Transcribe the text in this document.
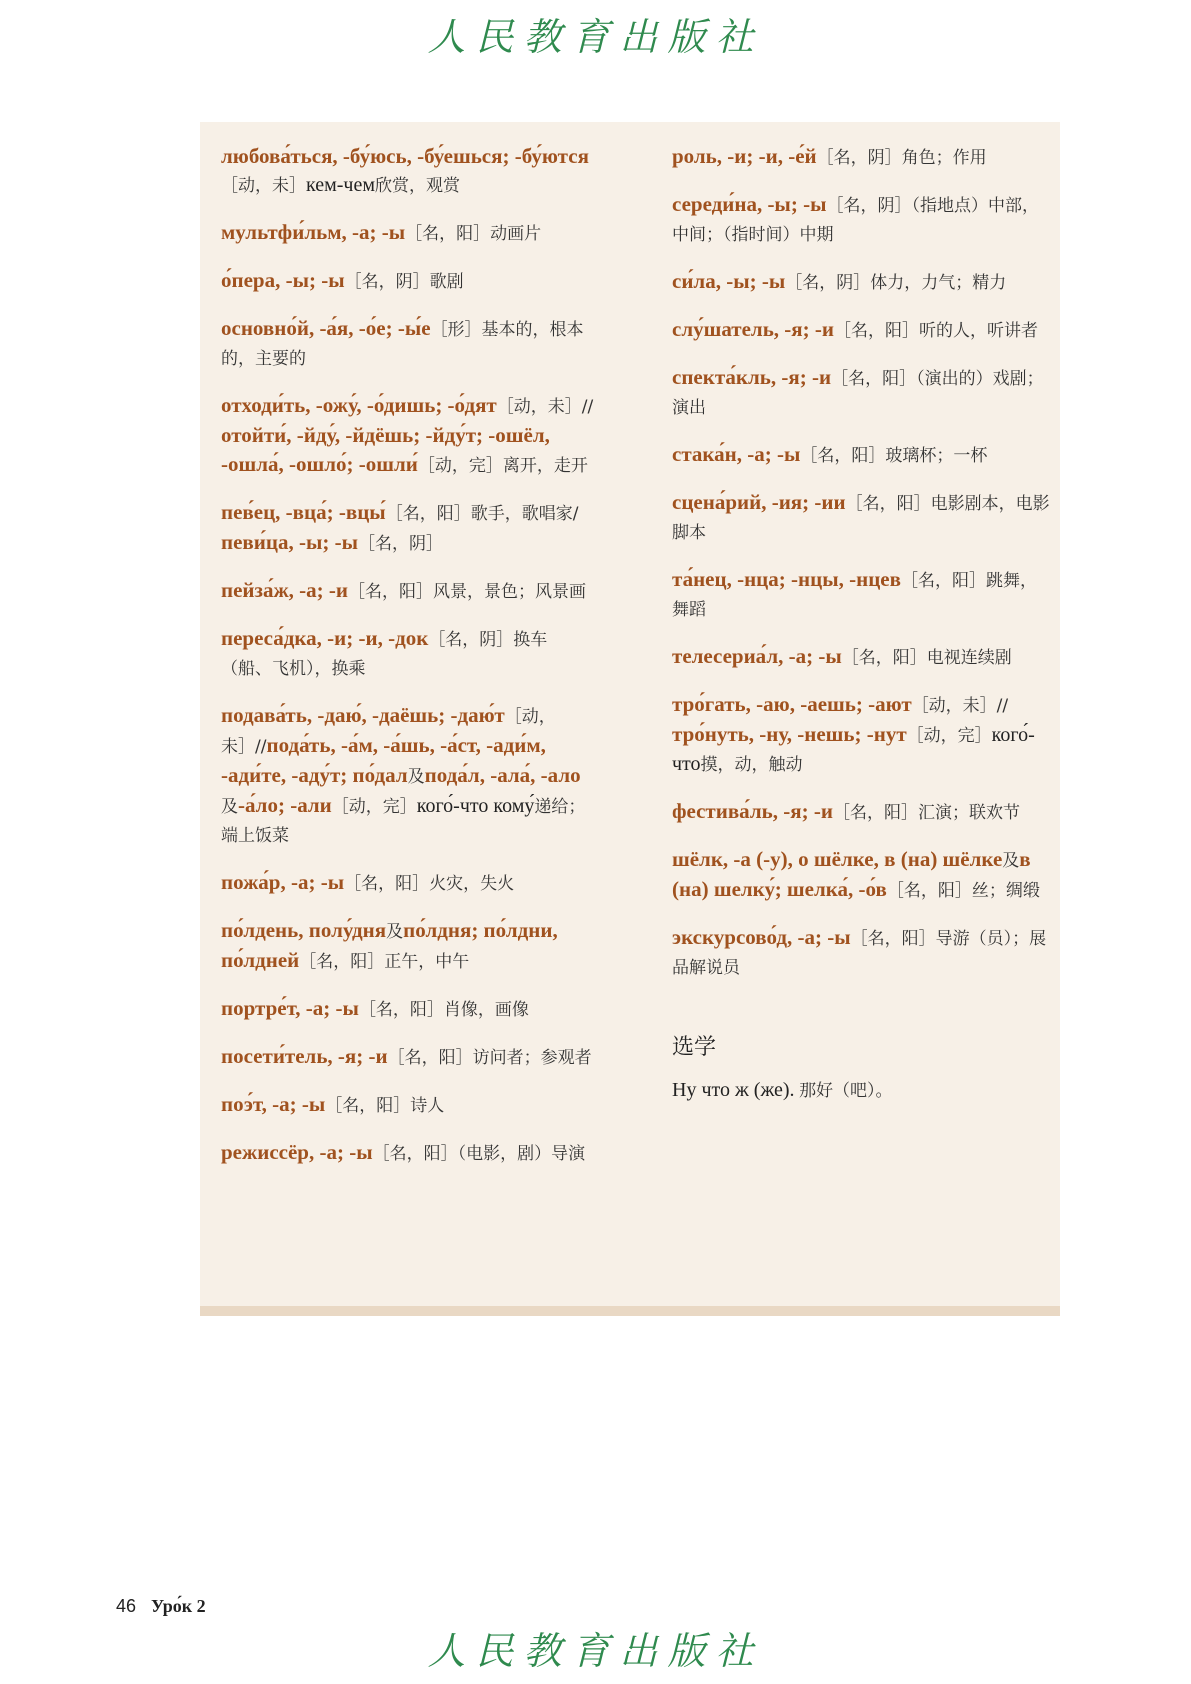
人民教育出版社
любова́ться, -бу́юсь, -бу́ешься; -бу́ются［动，未］кем-чем欣赏，观赏
мультфи́льм, -а; -ы［名，阳］动画片
о́пера, -ы; -ы［名，阴］歌剧
основно́й, -а́я, -о́е; -ы́е［形］基本的，根本的，主要的
отходи́ть, -ожу́, -о́дишь; -о́дят［动，未］//отойти́, -йду́, -йдёшь; -йду́т; -ошёл, -ошла́, -ошло́; -ошли́［动，完］离开，走开
пев́ец, -вца́; -вцы́［名，阳］歌手，歌唱家/певи́ца, -ы; -ы［名，阴］
пейза́ж, -а; -и［名，阳］风景，景色；风景画
переса́дка, -и; -и, -док［名，阴］换车（船、飞机），换乘
подава́ть, -даю́, -даёшь; -даю́т［动，未］//пода́ть, -а́м, -а́шь, -а́ст, -ади́м, -ади́те, -аду́т; по́дал及пода́л, -ала́, -ало及-а́ло; -али［动，完］кого́-что кому́递给；端上饭菜
пожа́р, -а; -ы［名，阳］火灾，失火
по́лдень, полу́дня及по́лдня; по́лдни, по́лдней［名，阳］正午，中午
портре́т, -а; -ы［名，阳］肖像，画像
посети́тель, -я; -и［名，阳］访问者；参观者
поэ́т, -а; -ы［名，阳］诗人
режиссёр, -а; -ы［名，阳］（电影，剧）导演
роль, -и; -и, -е́й［名，阴］角色；作用
середи́на, -ы; -ы［名，阴］（指地点）中部，中间；（指时间）中期
си́ла, -ы; -ы［名，阴］体力，力气；精力
слу́шатель, -я; -и［名，阳］听的人，听讲者
спекта́кль, -я; -и［名，阳］（演出的）戏剧；演出
стака́н, -а; -ы［名，阳］玻璃杯；一杯
сцена́рий, -ия; -ии［名，阳］电影剧本，电影脚本
та́нец, -нца; -нцы, -нцев［名，阳］跳舞，舞蹈
телесериа́л, -а; -ы［名，阳］电视连续剧
тро́гать, -аю, -аешь; -ают［动，未］//тро́нуть, -ну, -нешь; -нут［动，完］кого́-что摸，动，触动
фестива́ль, -я; -и［名，阳］汇演；联欢节
шёлк, -а (-у), о шёлке, в (на) шёлке及в (на) шелку́; шелка́, -о́в［名，阳］丝；绸缎
экскурсово́д, -а; -ы［名，阳］导游（员）；展品解说员
选学
Ну что ж (же). 那好（吧）。
46 Уро́к 2
人民教育出版社
